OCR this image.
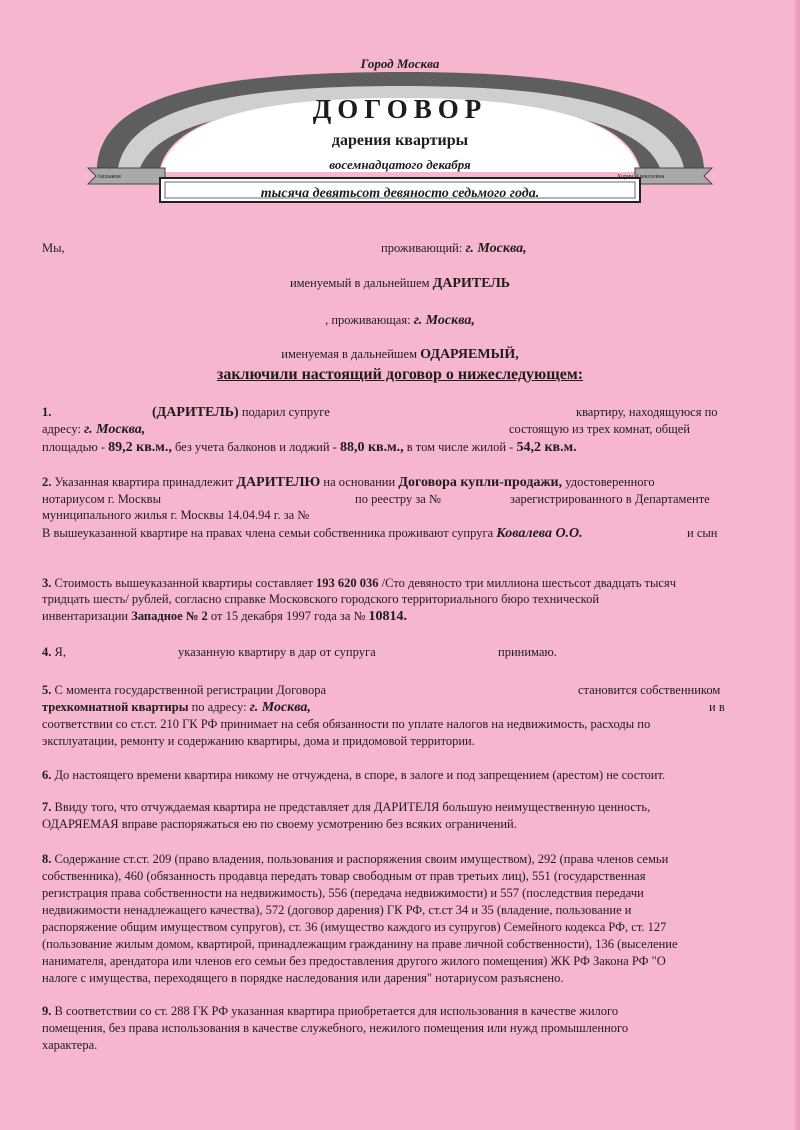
Город Москва
ДОГОВОР
дарения квартиры
восемнадцатого декабря
тысяча девятьсот девяносто седьмого года.
Ашхаком	Хорин Алексеевна
Мы,	проживающий: г. Москва,
именуемый в дальнейшем ДАРИТЕЛЬ
, проживающая: г. Москва,
именуемая в дальнейшем ОДАРЯЕМЫЙ,
заключили настоящий договор о нижеследующем:
1.	(ДАРИТЕЛЬ) подарил супруге	квартиру, находящуюся по
адресу: г. Москва,	состоящую из трех комнат, общей
площадью - 89,2 кв.м., без учета балконов и лоджий - 88,0 кв.м., в том числе жилой - 54,2 кв.м.
2. Указанная квартира принадлежит ДАРИТЕЛЮ на основании Договора купли-продажи, удостоверенного
нотариусом г. Москвы	по реестру за №	зарегистрированного в Департаменте
муниципального жилья г. Москвы 14.04.94 г. за №
В вышеуказанной квартире на правах члена семьи собственника проживают супруга Ковалева О.О.	и сын
3. Стоимость вышеуказанной квартиры составляет 193 620 036 /Сто девяносто три миллиона шестьсот двадцать тысяч
тридцать шесть/ рублей, согласно справке Московского городского территориального бюро технической
инвентаризации Западное № 2 от 15 декабря 1997 года за № 10814.
4. Я,	указанную квартиру в дар от супруга	принимаю.
5. С момента государственной регистрации Договора	становится собственником
трехкомнатной квартиры по адресу: г. Москва,	и в
соответствии со ст.ст. 210 ГК РФ принимает на себя обязанности по уплате налогов на недвижимость, расходы по
эксплуатации, ремонту и содержанию квартиры, дома и придомовой территории.
6. До настоящего времени квартира никому не отчуждена, в споре, в залоге и под запрещением (арестом) не состоит.
7. Ввиду того, что отчуждаемая квартира не представляет для ДАРИТЕЛЯ большую неимущественную ценность,
ОДАРЯЕМАЯ вправе распоряжаться ею по своему усмотрению без всяких ограничений.
8. Содержание ст.ст. 209 (право владения, пользования и распоряжения своим имуществом), 292 (права членов семьи
собственника), 460 (обязанность продавца передать товар свободным от прав третьих лиц), 551 (государственная
регистрация права собственности на недвижимость), 556 (передача недвижимости) и 557 (последствия передачи
недвижимости ненадлежащего качества), 572 (договор дарения) ГК РФ, ст.ст 34 и 35 (владение, пользование и
распоряжение общим имуществом супругов), ст. 36 (имущество каждого из супругов) Семейного кодекса РФ, ст. 127
(пользование жилым домом, квартирой, принадлежащим гражданину на праве личной собственности), 136 (выселение
нанимателя, арендатора или членов его семьи без предоставления другого жилого помещения) ЖК РФ Закона РФ "О
налоге с имущества, переходящего в порядке наследования или дарения" нотариусом разъяснено.
9. В соответствии со ст. 288 ГК РФ указанная квартира приобретается для использования в качестве жилого
помещения, без права использования в качестве служебного, нежилого помещения или нужд промышленного
характера.
